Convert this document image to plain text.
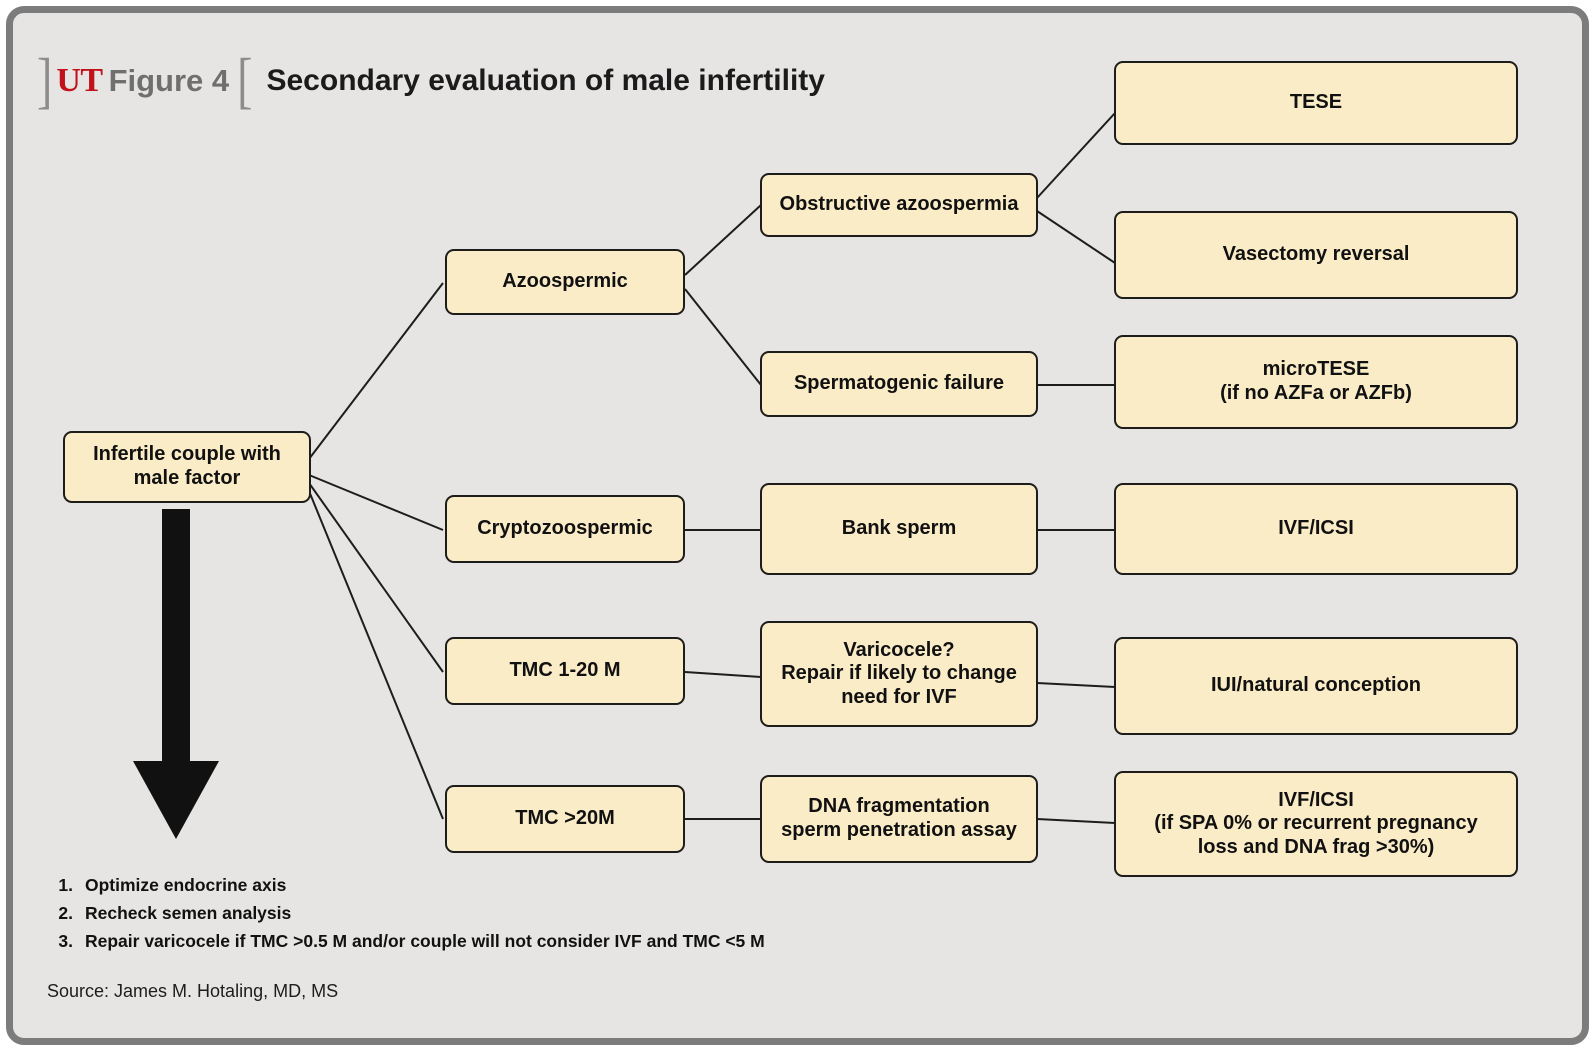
] UT Figure 4 [ Secondary evaluation of male infertility
Infertile couple with
male factor
Azoospermic
Obstructive azoospermia
TESE
Vasectomy reversal
Spermatogenic failure
microTESE
(if no AZFa or AZFb)
Cryptozoospermic	Bank sperm	IVF/ICSI
TMC 1-20 M
Varicocele?
Repair if likely to change
need for IVF
IUI/natural conception
TMC >20M
DNA fragmentation
sperm penetration assay
IVF/ICSI
(if SPA 0% or recurrent pregnancy
loss and DNA frag >30%)
1. Optimize endocrine axis
2. Recheck semen analysis
3. Repair varicocele if TMC >0.5 M and/or couple will not consider IVF and TMC <5 M
Source: James M. Hotaling, MD, MS
